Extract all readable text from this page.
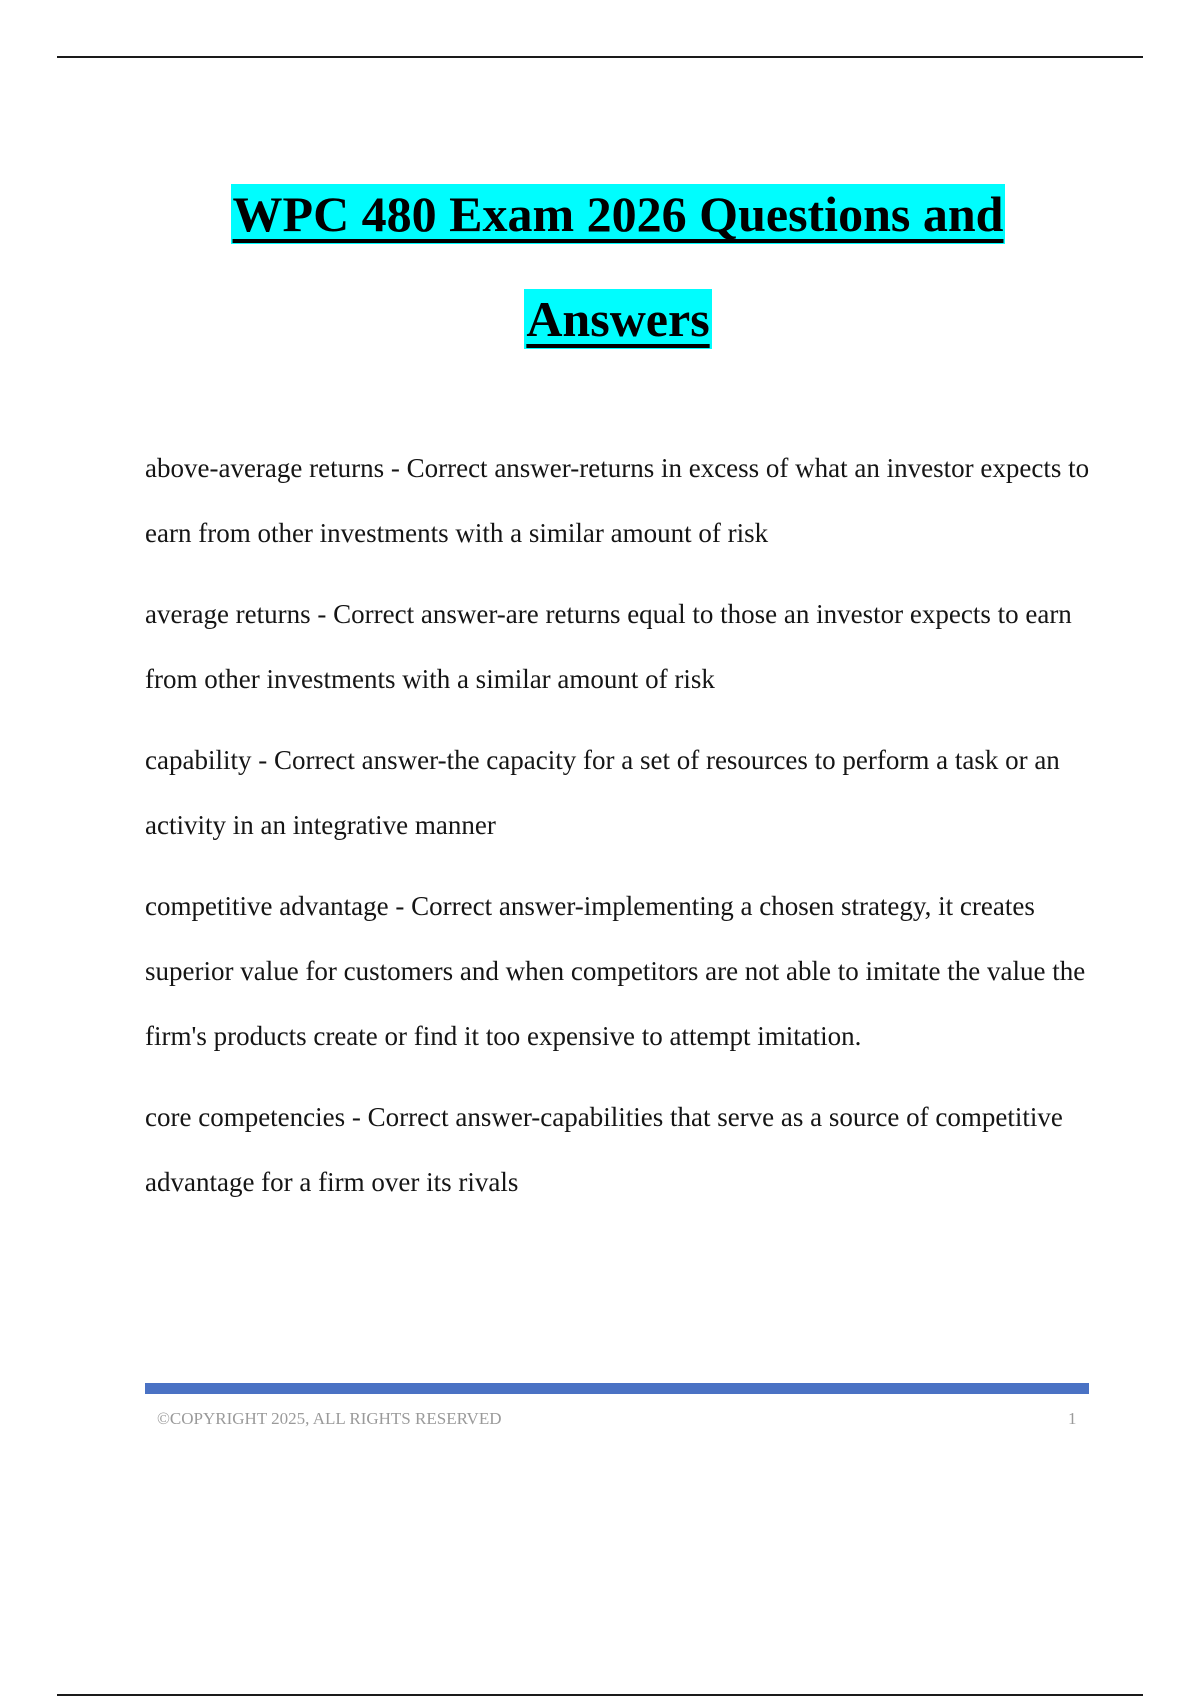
WPC 480 Exam 2026 Questions and
Answers

above-average returns - Correct answer-returns in excess of what an investor expects to earn from other investments with a similar amount of risk

average returns - Correct answer-are returns equal to those an investor expects to earn from other investments with a similar amount of risk

capability - Correct answer-the capacity for a set of resources to perform a task or an activity in an integrative manner

competitive advantage - Correct answer-implementing a chosen strategy, it creates superior value for customers and when competitors are not able to imitate the value the firm's products create or find it too expensive to attempt imitation.

core competencies - Correct answer-capabilities that serve as a source of competitive advantage for a firm over its rivals

©COPYRIGHT 2025, ALL RIGHTS RESERVED	1
